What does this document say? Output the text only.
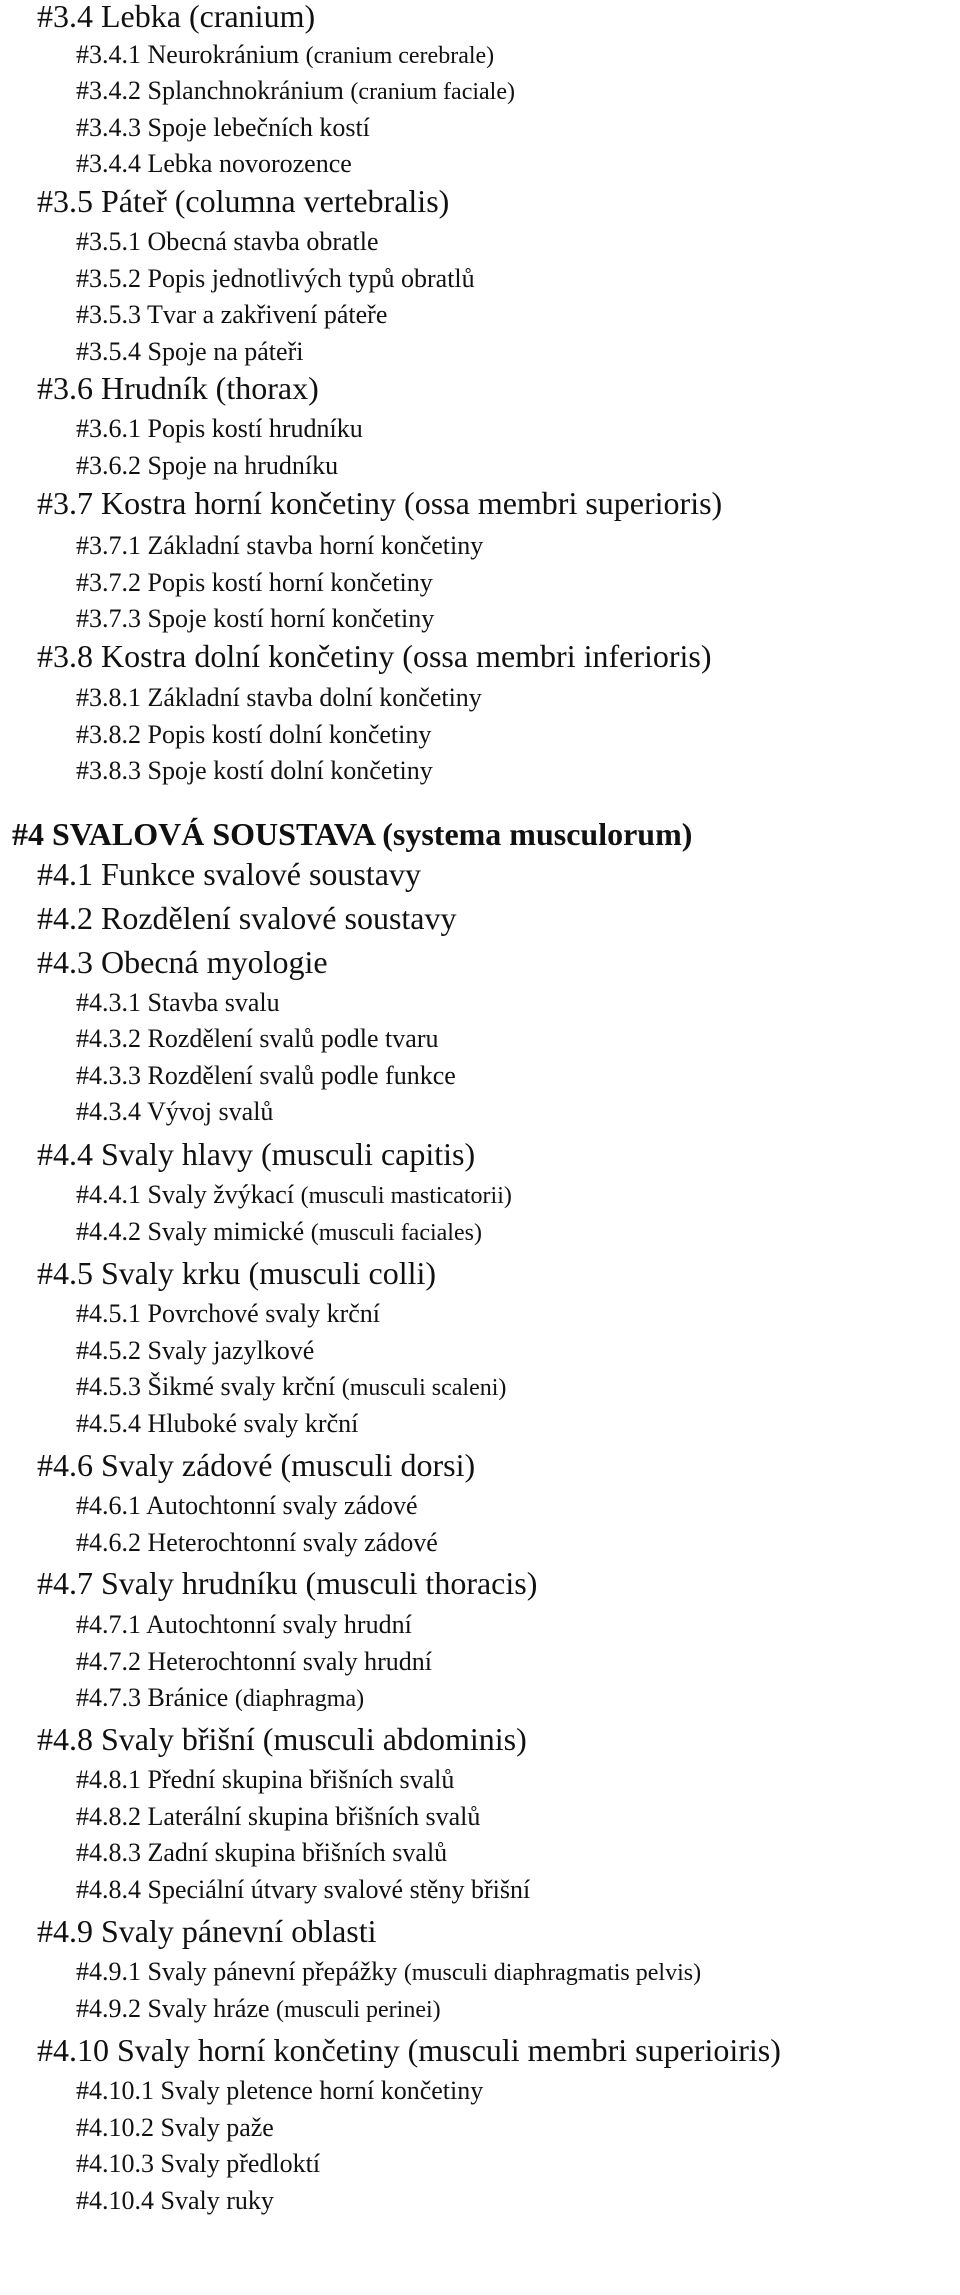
#3.4 Lebka (cranium)
#3.4.1 Neurokránium (cranium cerebrale)
#3.4.2 Splanchnokránium (cranium faciale)
#3.4.3 Spoje lebečních kostí
#3.4.4 Lebka novorozence
#3.5 Páteř (columna vertebralis)
#3.5.1 Obecná stavba obratle
#3.5.2 Popis jednotlivých typů obratlů
#3.5.3 Tvar a zakřivení páteře
#3.5.4 Spoje na páteři
#3.6 Hrudník (thorax)
#3.6.1 Popis kostí hrudníku
#3.6.2 Spoje na hrudníku
#3.7 Kostra horní končetiny (ossa membri superioris)
#3.7.1 Základní stavba horní končetiny
#3.7.2 Popis kostí horní končetiny
#3.7.3 Spoje kostí horní končetiny
#3.8 Kostra dolní končetiny (ossa membri inferioris)
#3.8.1 Základní stavba dolní končetiny
#3.8.2 Popis kostí dolní končetiny
#3.8.3 Spoje kostí dolní končetiny
#4 SVALOVÁ SOUSTAVA (systema musculorum)
#4.1 Funkce svalové soustavy
#4.2 Rozdělení svalové soustavy
#4.3 Obecná myologie
#4.3.1 Stavba svalu
#4.3.2 Rozdělení svalů podle tvaru
#4.3.3 Rozdělení svalů podle funkce
#4.3.4 Vývoj svalů
#4.4 Svaly hlavy (musculi capitis)
#4.4.1 Svaly žvýkací (musculi masticatorii)
#4.4.2 Svaly mimické (musculi faciales)
#4.5 Svaly krku (musculi colli)
#4.5.1 Povrchové svaly krční
#4.5.2 Svaly jazylkové
#4.5.3 Šikmé svaly krční (musculi scaleni)
#4.5.4 Hluboké svaly krční
#4.6 Svaly zádové (musculi dorsi)
#4.6.1 Autochtonní svaly zádové
#4.6.2 Heterochtonní svaly zádové
#4.7 Svaly hrudníku (musculi thoracis)
#4.7.1 Autochtonní svaly hrudní
#4.7.2 Heterochtonní svaly hrudní
#4.7.3 Bránice (diaphragma)
#4.8 Svaly břišní (musculi abdominis)
#4.8.1 Přední skupina břišních svalů
#4.8.2 Laterální skupina břišních svalů
#4.8.3 Zadní skupina břišních svalů
#4.8.4 Speciální útvary svalové stěny břišní
#4.9 Svaly pánevní oblasti
#4.9.1 Svaly pánevní přepážky (musculi diaphragmatis pelvis)
#4.9.2 Svaly hráze (musculi perinei)
#4.10 Svaly horní končetiny (musculi membri superioiris)
#4.10.1 Svaly pletence horní končetiny
#4.10.2 Svaly paže
#4.10.3 Svaly předloktí
#4.10.4 Svaly ruky
